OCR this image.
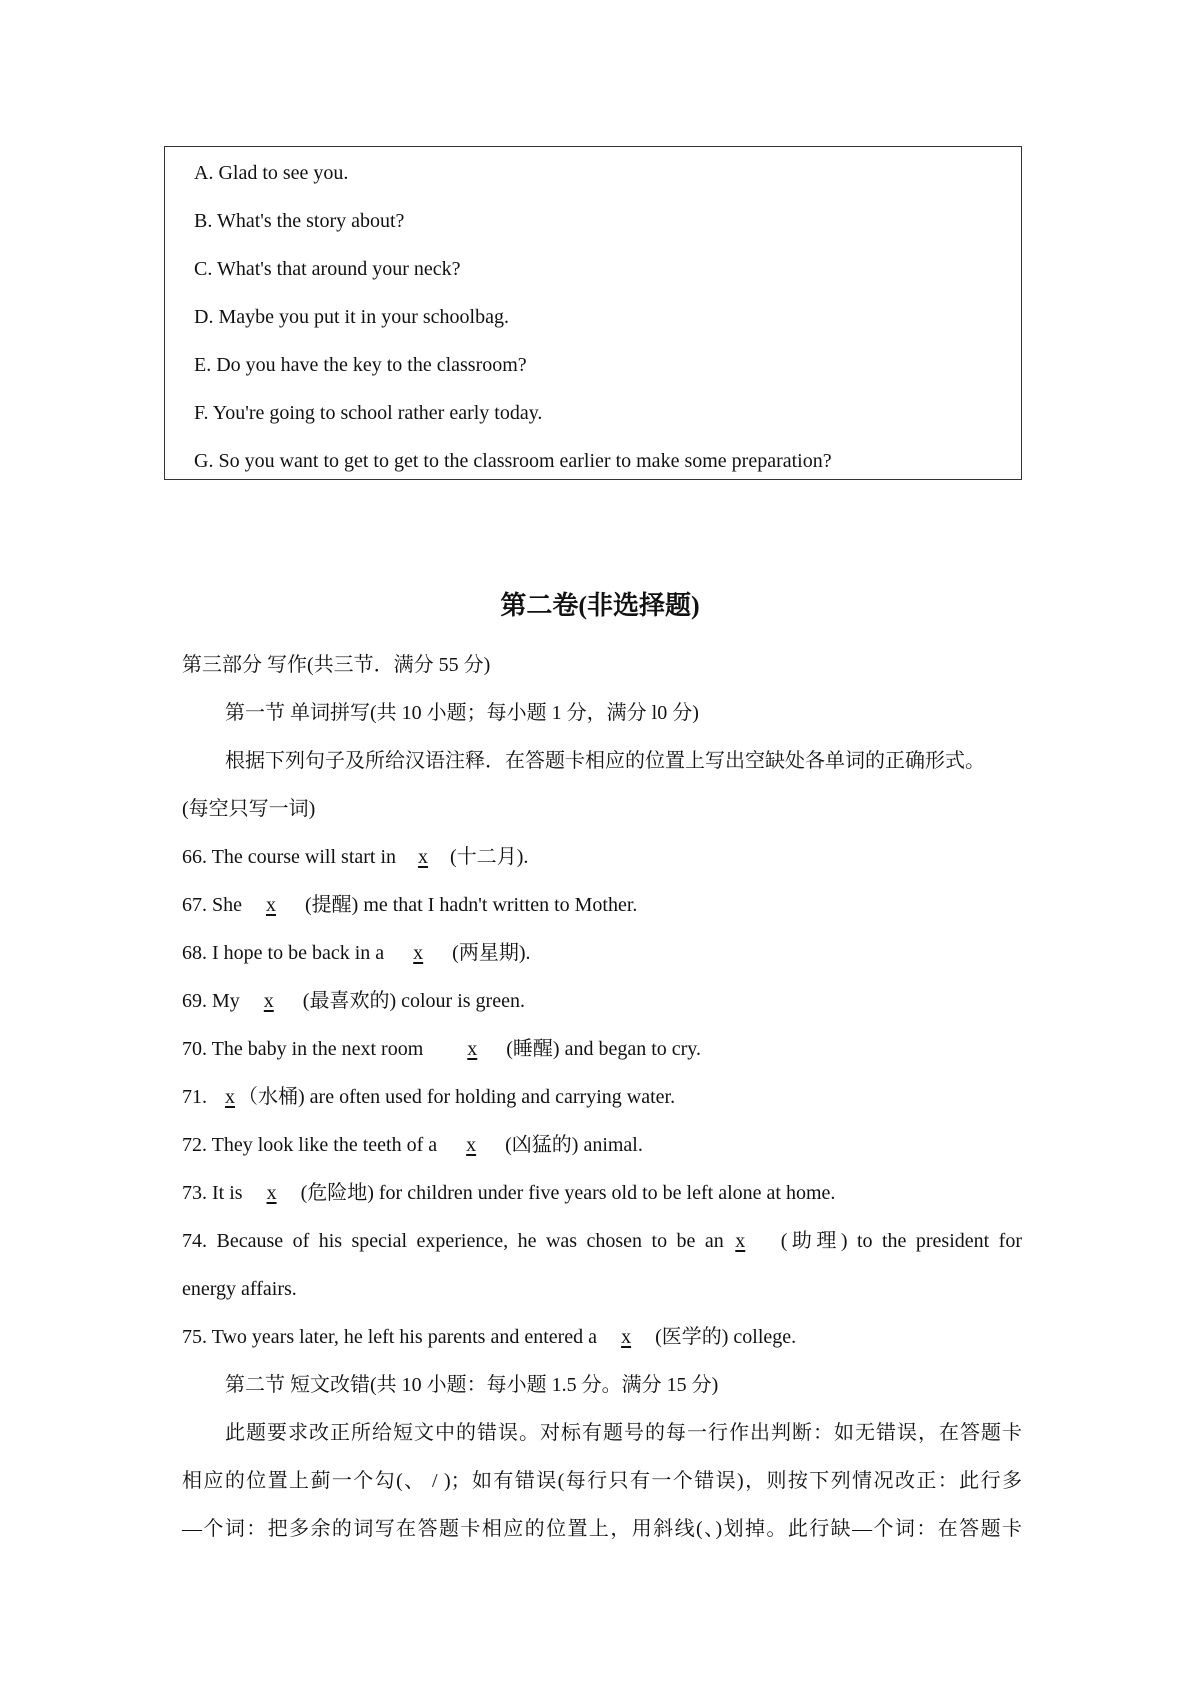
A. Glad to see you.
B. What's the story about?
C. What's that around your neck?
D. Maybe you put it in your schoolbag.
E. Do you have the key to the classroom?
F. You're going to school rather early today.
G. So you want to get to get to the classroom earlier to make some preparation?
第二卷(非选择题)
第三部分 写作(共三节．满分 55 分)
第一节 单词拼写(共 10 小题；每小题 1 分，满分 l0 分)
根据下列句子及所给汉语注释．在答题卡相应的位置上写出空缺处各单词的正确形式。
(每空只写一词)
66. The course will start in  x  (十二月).
67. She  x   (提醒) me that I hadn't written to Mother.
68. I hope to be back in a   x   (两星期).
69. My  x   (最喜欢的) colour is green.
70. The baby in the next room      x   (睡醒) and began to cry.
71.   x （水桶) are often used for holding and carrying water.
72. They look like the teeth of a   x   (凶猛的) animal.
73. It is  x  (危险地) for children under five years old to be left alone at home.
74. Because of his special experience, he was chosen to be an x (助理) to the president for
energy affairs.
75. Two years later, he left his parents and entered a  x  (医学的) college.
第二节 短文改错(共 10 小题：每小题 1.5 分。满分 15 分)
此题要求改正所给短文中的错误。对标有题号的每一行作出判断：如无错误，在答题卡
相应的位置上蓟一个勾(、 / )；如有错误(每行只有一个错误)，则按下列情况改正：此行多
—个词：把多余的词写在答题卡相应的位置上，用斜线(、)划掉。此行缺—个词：在答题卡
